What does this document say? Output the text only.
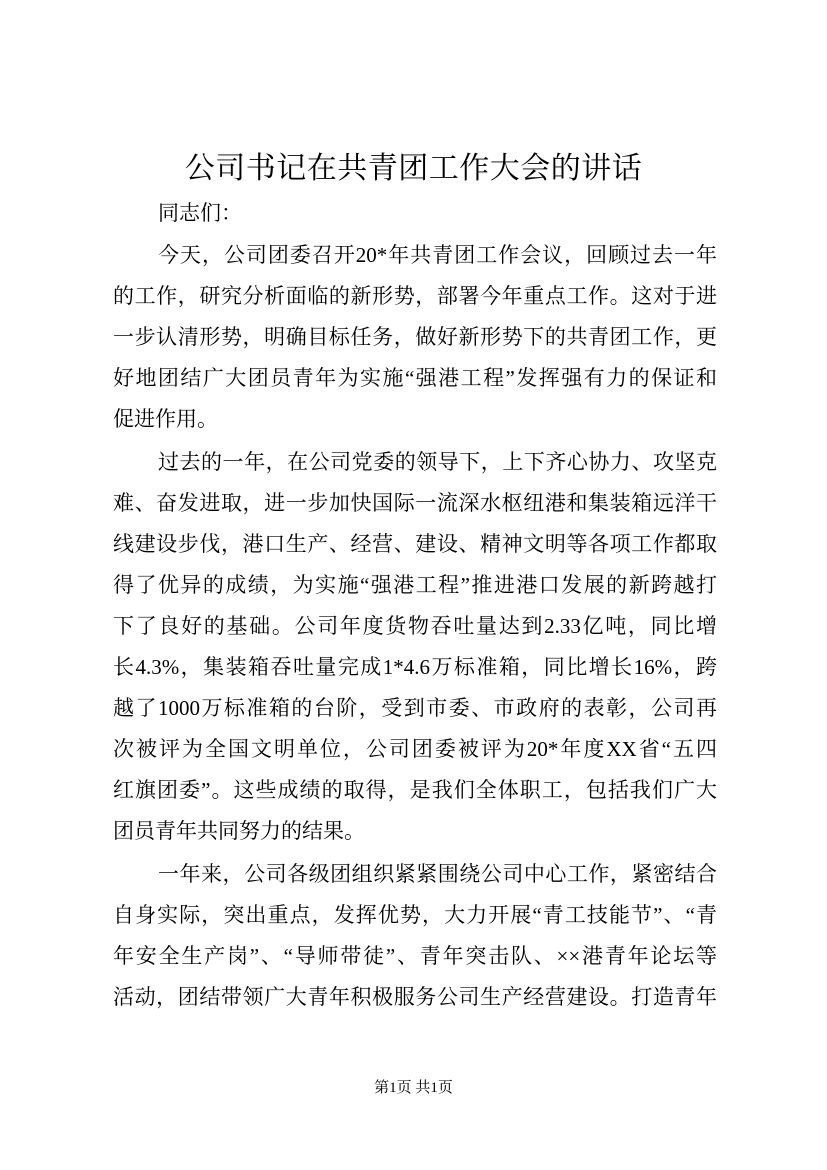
公司书记在共青团工作大会的讲话
同志们：
今天，公司团委召开20*年共青团工作会议，回顾过去一年
的工作，研究分析面临的新形势，部署今年重点工作。这对于进
一步认清形势，明确目标任务，做好新形势下的共青团工作，更
好地团结广大团员青年为实施“强港工程”发挥强有力的保证和
促进作用。
过去的一年，在公司党委的领导下，上下齐心协力、攻坚克
难、奋发进取，进一步加快国际一流深水枢纽港和集装箱远洋干
线建设步伐，港口生产、经营、建设、精神文明等各项工作都取
得了优异的成绩，为实施“强港工程”推进港口发展的新跨越打
下了良好的基础。公司年度货物吞吐量达到2.33亿吨，同比增
长4.3%，集装箱吞吐量完成1*4.6万标准箱，同比增长16%，跨
越了1000万标准箱的台阶，受到市委、市政府的表彰，公司再
次被评为全国文明单位，公司团委被评为20*年度XX省“五四
红旗团委”。这些成绩的取得，是我们全体职工，包括我们广大
团员青年共同努力的结果。
一年来，公司各级团组织紧紧围绕公司中心工作，紧密结合
自身实际，突出重点，发挥优势，大力开展“青工技能节”、“青
年安全生产岗”、“导师带徒”、青年突击队、××港青年论坛等
活动，团结带领广大青年积极服务公司生产经营建设。打造青年
第1页 共1页
